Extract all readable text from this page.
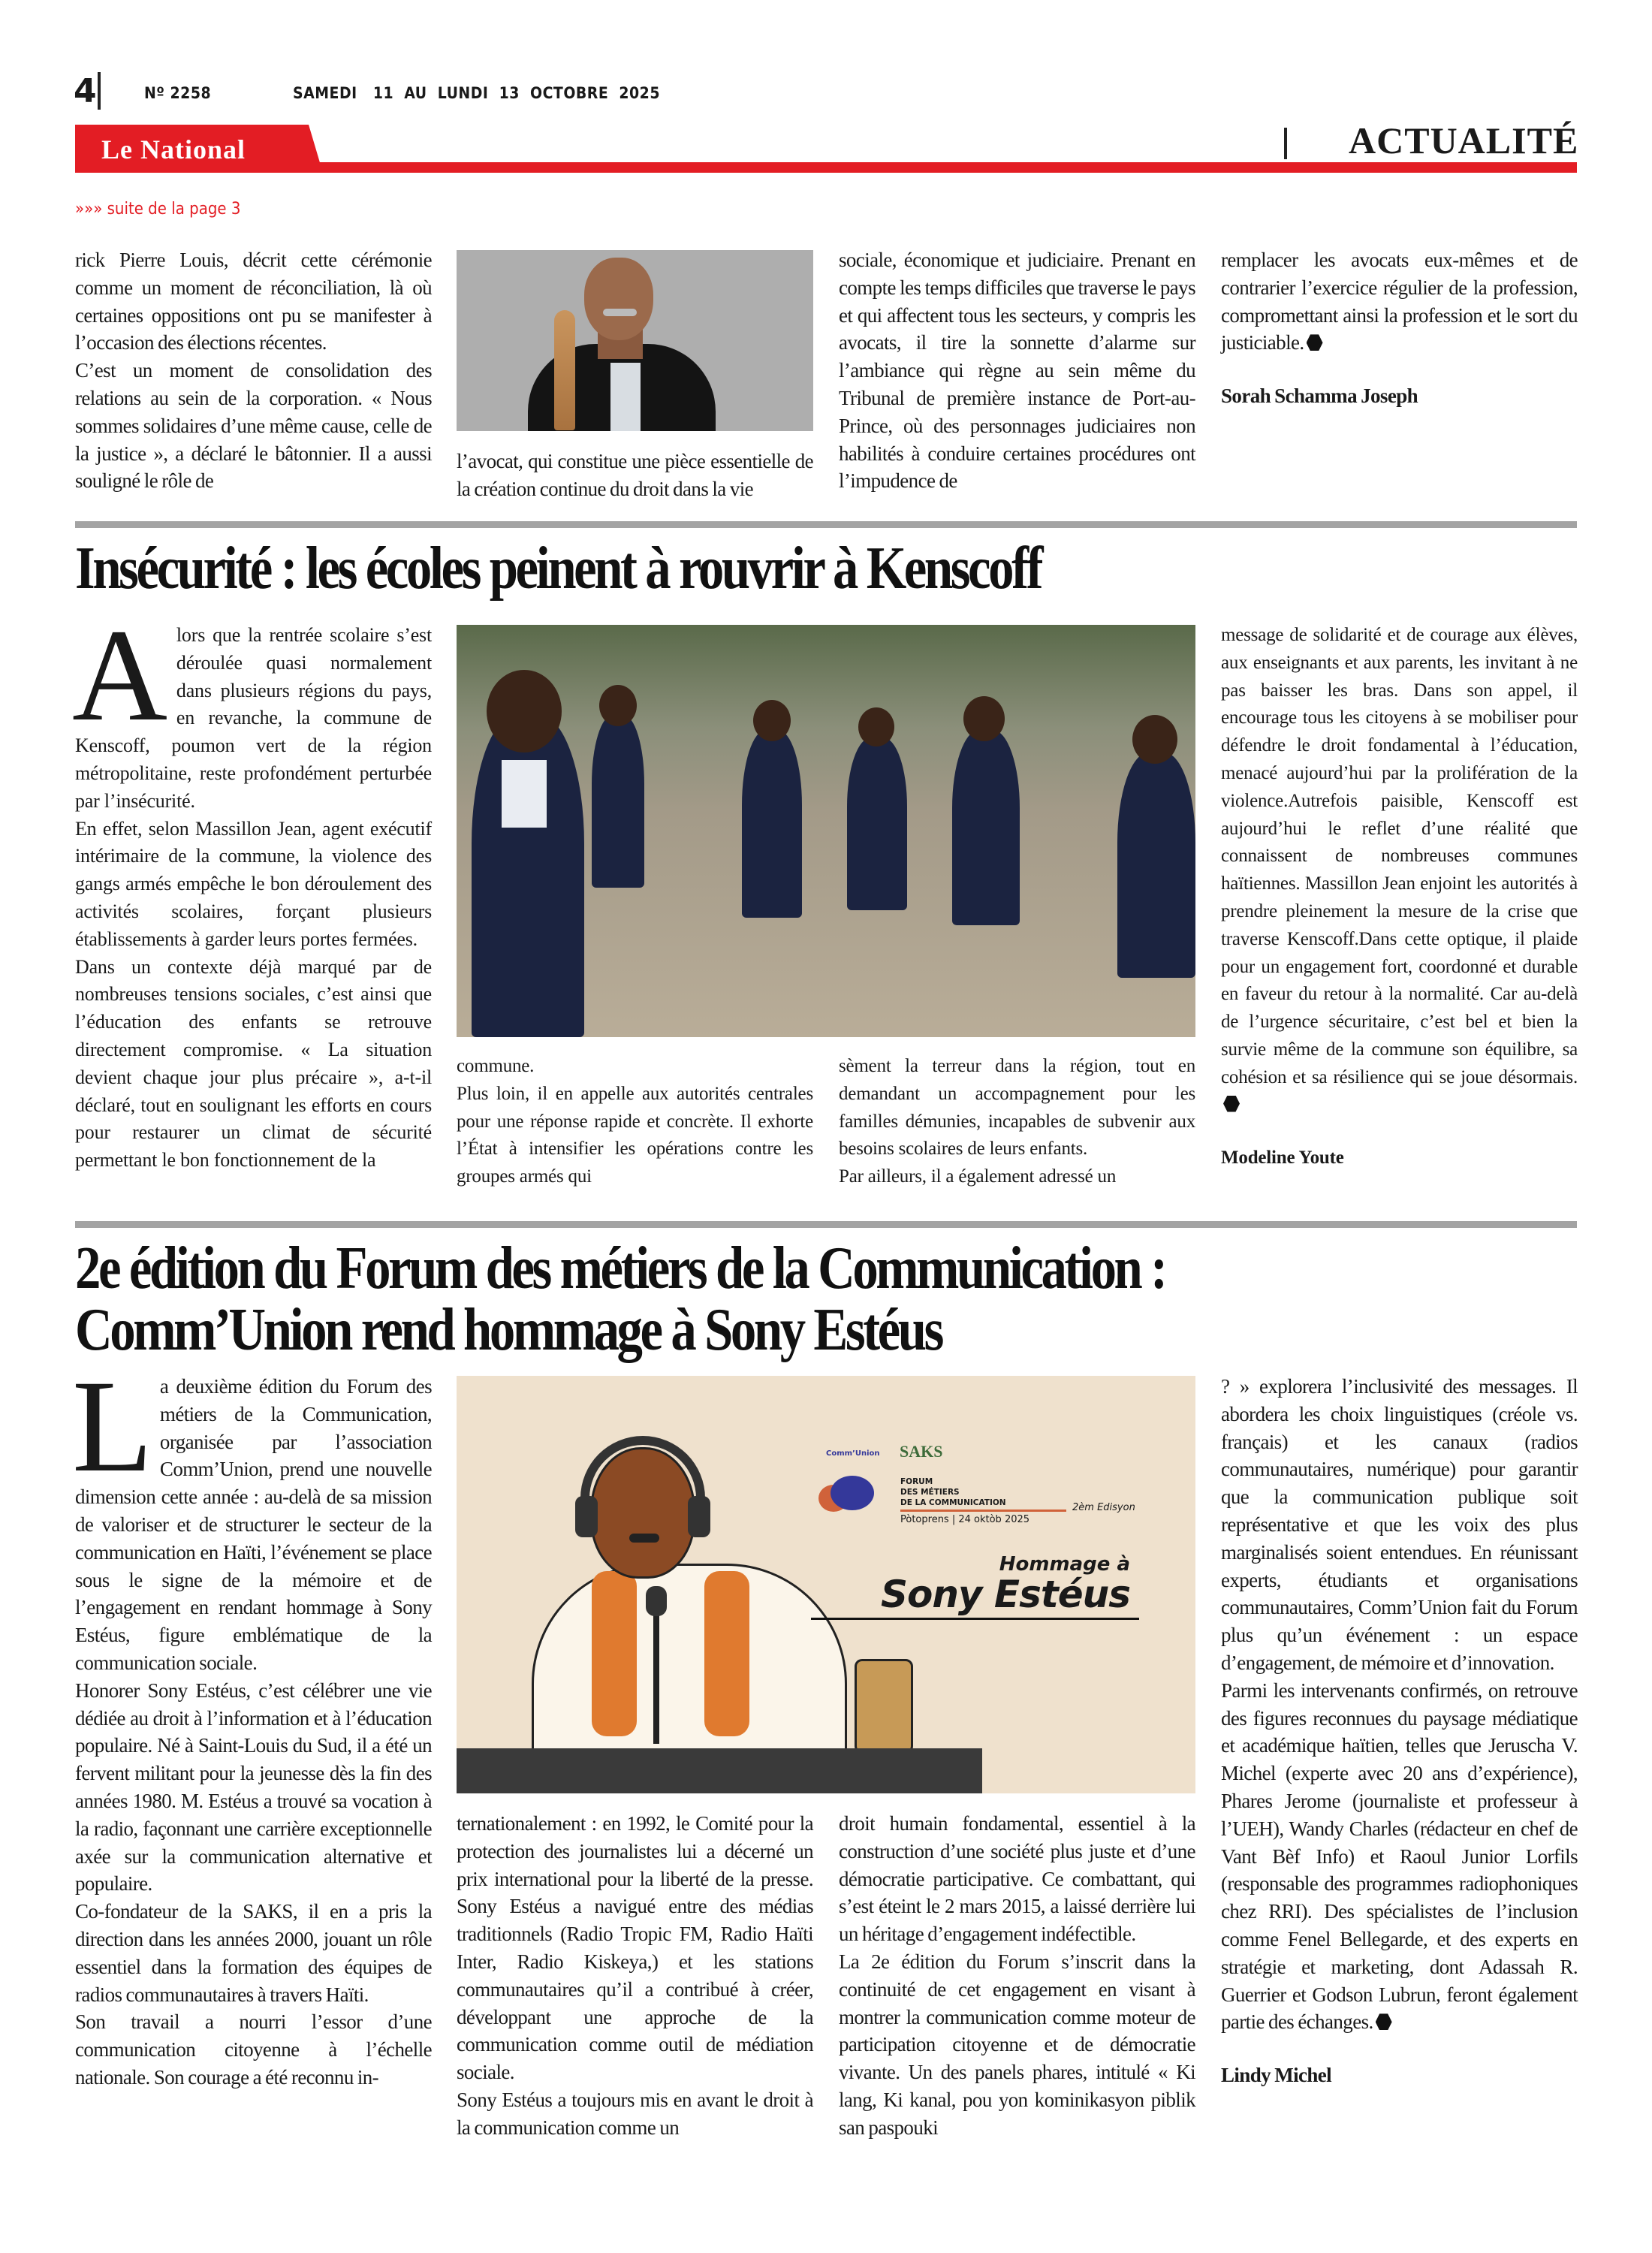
4	Nº 2258	SAMEDI   11  AU  LUNDI  13  OCTOBRE  2025
Le National	ACTUALITÉ
»»» suite de la page 3

rick Pierre Louis, décrit cette cérémonie comme un moment de réconciliation, là où certaines oppositions ont pu se manifester à l’occasion des élections récentes.

C’est un moment de consolidation des relations au sein de la corporation. « Nous sommes solidaires d’une même cause, celle de la justice », a déclaré le bâtonnier. Il a aussi souligné le rôle de

l’avocat, qui constitue une pièce essentielle de la création continue du droit dans la vie

sociale, économique et judiciaire. Prenant en compte les temps difficiles que traverse le pays et qui affectent tous les secteurs, y compris les avocats, il tire la sonnette d’alarme sur l’ambiance qui règne au sein même du Tribunal de première instance de Port-au-Prince, où des personnages judiciaires non habilités à conduire certaines procédures ont l’impudence de

remplacer les avocats eux-mêmes et de contrarier l’exercice régulier de la profession, compromettant ainsi la profession et le sort du justiciable.

Sorah Schamma Joseph

Insécurité : les écoles peinent à rouvrir à Kenscoff
A lors que la rentrée scolaire s’est déroulée quasi normalement dans plusieurs régions du pays, en revanche, la commune de Kenscoff, poumon vert de la région métropolitaine, reste profondément perturbée par l’insécurité.

En effet, selon Massillon Jean, agent exécutif intérimaire de la commune, la violence des gangs armés empêche le bon déroulement des activités scolaires, forçant plusieurs établissements à garder leurs portes fermées.

Dans un contexte déjà marqué par de nombreuses tensions sociales, c’est ainsi que l’éducation des enfants se retrouve directement compromise. « La situation devient chaque jour plus précaire », a-t-il déclaré, tout en soulignant les efforts en cours pour restaurer un climat de sécurité permettant le bon fonctionnement de la

commune.

Plus loin, il en appelle aux autorités centrales pour une réponse rapide et concrète. Il exhorte l’État à intensifier les opérations contre les groupes armés qui

sèment la terreur dans la région, tout en demandant un accompagnement pour les familles démunies, incapables de subvenir aux besoins scolaires de leurs enfants.

Par ailleurs, il a également adressé un

message de solidarité et de courage aux élèves, aux enseignants et aux parents, les invitant à ne pas baisser les bras. Dans son appel, il encourage tous les citoyens à se mobiliser pour défendre le droit fondamental à l’éducation, menacé aujourd’hui par la prolifération de la violence.Autrefois paisible, Kenscoff est aujourd’hui le reflet d’une réalité que connaissent de nombreuses communes haïtiennes. Massillon Jean enjoint les autorités à prendre pleinement la mesure de la crise que traverse Kenscoff.Dans cette optique, il plaide pour un engagement fort, coordonné et durable en faveur du retour à la normalité. Car au-delà de l’urgence sécuritaire, c’est bel et bien la survie même de la commune son équilibre, sa cohésion et sa résilience qui se joue désormais.

Modeline Youte

2e édition du Forum des métiers de la Communication :
Comm’Union rend hommage à Sony Estéus
L a deuxième édition du Forum des métiers de la Communication, organisée par l’association Comm’Union, prend une nouvelle dimension cette année : au-delà de sa mission de valoriser et de structurer le secteur de la communication en Haïti, l’événement se place sous le signe de la mémoire et de l’engagement en rendant hommage à Sony Estéus, figure emblématique de la communication sociale.

Honorer Sony Estéus, c’est célébrer une vie dédiée au droit à l’information et à l’éducation populaire. Né à Saint-Louis du Sud, il a été un fervent militant pour la jeunesse dès la fin des années 1980. M. Estéus a trouvé sa vocation à la radio, façonnant une carrière exceptionnelle axée sur la communication alternative et populaire.

Co-fondateur de la SAKS, il en a pris la direction dans les années 2000, jouant un rôle essentiel dans la formation des équipes de radios communautaires à travers Haïti.

Son travail a nourri l’essor d’une communication citoyenne à l’échelle nationale. Son courage a été reconnu in-

Comm’Union SAKS
FORUM
DES MÉTIERS
DE LA COMMUNICATION
Pòtoprens | 24 oktòb 2025
2èm Edisyon
Hommage à
Sony Estéus

ternationalement : en 1992, le Comité pour la protection des journalistes lui a décerné un prix international pour la liberté de la presse. Sony Estéus a navigué entre des médias traditionnels (Radio Tropic FM, Radio Haïti Inter, Radio Kiskeya,) et les stations communautaires qu’il a contribué à créer, développant une approche de la communication comme outil de médiation sociale.

Sony Estéus a toujours mis en avant le droit à la communication comme un

droit humain fondamental, essentiel à la construction d’une société plus juste et d’une démocratie participative. Ce combattant, qui s’est éteint le 2 mars 2015, a laissé derrière lui un héritage d’engagement indéfectible.

La 2e édition du Forum s’inscrit dans la continuité de cet engagement en visant à montrer la communication comme moteur de participation citoyenne et de démocratie vivante. Un des panels phares, intitulé « Ki lang, Ki kanal, pou yon kominikasyon piblik san paspouki

? » explorera l’inclusivité des messages. Il abordera les choix linguistiques (créole vs. français) et les canaux (radios communautaires, numérique) pour garantir que la communication publique soit représentative et que les voix des plus marginalisés soient entendues. En réunissant experts, étudiants et organisations communautaires, Comm’Union fait du Forum plus qu’un événement : un espace d’engagement, de mémoire et d’innovation.

Parmi les intervenants confirmés, on retrouve des figures reconnues du paysage médiatique et académique haïtien, telles que Jeruscha V. Michel (experte avec 20 ans d’expérience), Phares Jerome (journaliste et professeur à l’UEH), Wandy Charles (rédacteur en chef de Vant Bèf Info) et Raoul Junior Lorfils (responsable des programmes radiophoniques chez RRI). Des spécialistes de l’inclusion comme Fenel Bellegarde, et des experts en stratégie et marketing, dont Adassah R. Guerrier et Godson Lubrun, feront également partie des échanges.

Lindy Michel
